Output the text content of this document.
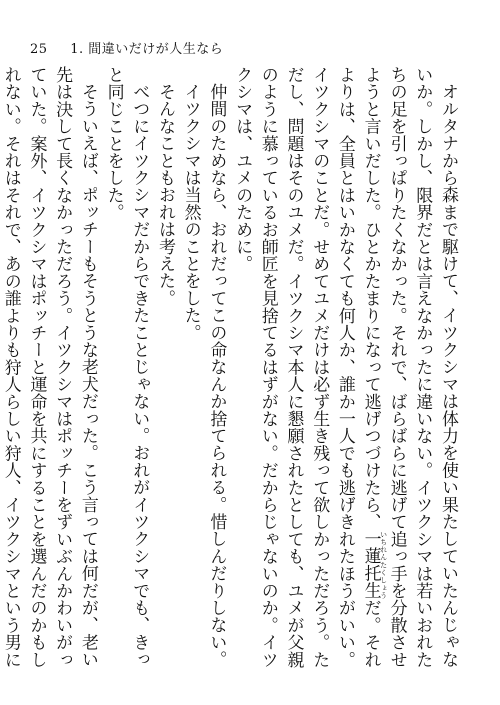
25 1. 間違いだけが人生なら

オルタナから森まで駆けて、イツクシマは体力を使い果たしていたんじゃないか。しかし、限界だとは言えなかったに違いない。イツクシマは若いおれたちの足を引っぱりたくなかった。それで、ばらばらに逃げて追っ手を分散させようと言いだした。ひとかたまりになって逃げつづけたら、一蓮托生 いちれんたくしょうだ。それよりは、全員とはいかなくても何人か、誰か一人でも逃げきれたほうがいい。イツクシマのことだ。せめてユメだけは必ず生き残って欲しかっただろう。ただし、問題はそのユメだ。イツクシマ本人に懇願されたとしても、ユメが父親のように慕っているお師匠を見捨てるはずがない。だからじゃないのか。イツクシマは、ユメのために。

仲間のためなら、おれだってこの命なんか捨てられる。惜しんだりしない。

イツクシマは当然のことをした。

そんなこともおれは考えた。

べつにイツクシマだからできたことじゃない。おれがイツクシマでも、きっと同じことをした。

そういえば、ポッチーもそうとうな老犬だった。こう言っては何だが、老い先は決して長くなかっただろう。イツクシマはポッチーをずいぶんかわいがっていた。案外、イツクシマはポッチーと運命を共にすることを選んだのかもしれない。それはそれで、あの誰よりも狩人らしい狩人、イツクシマという男に
